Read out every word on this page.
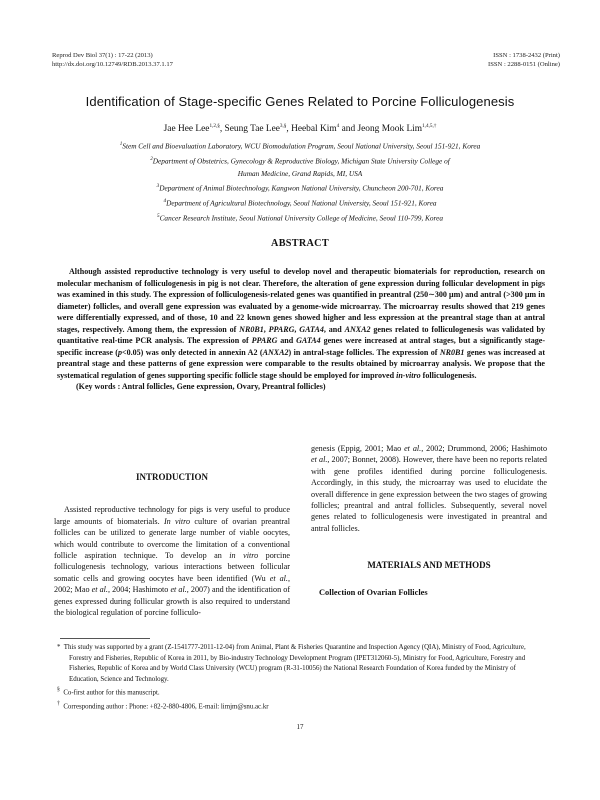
Reprod Dev Biol 37(1) : 17-22 (2013)
http://dx.doi.org/10.12749/RDB.2013.37.1.17
ISSN : 1738-2432 (Print)
ISSN : 2288-0151 (Online)
Identification of Stage-specific Genes Related to Porcine Folliculogenesis
Jae Hee Lee$^{1,2,\S}$, Seung Tae Lee$^{3,\S}$, Heebal Kim$^4$ and Jeong Mook Lim$^{1,4,5,\dagger}$
$^1$Stem Cell and Bioevaluation Laboratory, WCU Biomodulation Program, Seoul National University, Seoul 151-921, Korea
$^2$Department of Obstetrics, Gynecology & Reproductive Biology, Michigan State University College of
Human Medicine, Grand Rapids, MI, USA
$^3$Department of Animal Biotechnology, Kangwon National University, Chuncheon 200-701, Korea
$^4$Department of Agricultural Biotechnology, Seoul National University, Seoul 151-921, Korea
$^5$Cancer Research Institute, Seoul National University College of Medicine, Seoul 110-799, Korea
ABSTRACT

Although assisted reproductive technology is very useful to develop novel and therapeutic biomaterials for reproduction, research on molecular mechanism of folliculogenesis in pig is not clear. Therefore, the alteration of gene expression during follicular development in pigs was examined in this study. The expression of folliculogenesis-related genes was quantified in preantral (250∼300 μm) and antral (>300 μm in diameter) follicles, and overall gene expression was evaluated by a genome-wide microarray. The microarray results showed that 219 genes were differentially expressed, and of those, 10 and 22 known genes showed higher and less expression at the preantral stage than at antral stages, respectively. Among them, the expression of NR0B1, PPARG, GATA4, and ANXA2 genes related to folliculogenesis was validated by quantitative real-time PCR analysis. The expression of PPARG and GATA4 genes were increased at antral stages, but a significantly stage-specific increase (p<0.05) was only detected in annexin A2 (ANXA2) in antral-stage follicles. The expression of NR0B1 genes was increased at preantral stage and these patterns of gene expression were comparable to the results obtained by microarray analysis. We propose that the systematical regulation of genes supporting specific follicle stage should be employed for improved in-vitro folliculogenesis.

(Key words : Antral follicles, Gene expression, Ovary, Preantral follicles)

INTRODUCTION

Assisted reproductive technology for pigs is very useful to produce large amounts of biomaterials. In vitro culture of ovarian preantral follicles can be utilized to generate large number of viable oocytes, which would contribute to overcome the limitation of a conventional follicle aspiration technique. To develop an in vitro porcine folliculogenesis technology, various interactions between follicular somatic cells and growing oocytes have been identified (Wu et al., 2002; Mao et al., 2004; Hashimoto et al., 2007) and the identification of genes expressed during follicular growth is also required to understand the biological regulation of porcine folliculo-

genesis (Eppig, 2001; Mao et al., 2002; Drummond, 2006; Hashimoto et al., 2007; Bonnet, 2008). However, there have been no reports related with gene profiles identified during porcine folliculogenesis. Accordingly, in this study, the microarray was used to elucidate the overall difference in gene expression between the two stages of growing follicles; preantral and antral follicles. Subsequently, several novel genes related to folliculogenesis were investigated in preantral and antral follicles.

MATERIALS AND METHODS

Collection of Ovarian Follicles

* This study was supported by a grant (Z-1541777-2011-12-04) from Animal, Plant & Fisheries Quarantine and Inspection Agency (QIA), Ministry of Food, Agriculture, Forestry and Fisheries, Republic of Korea in 2011, by Bio-industry Technology Development Program (IPET312060-5), Ministry for Food, Agriculture, Forestry and Fisheries, Republic of Korea and by World Class University (WCU) program (R-31-10056) the National Research Foundation of Korea funded by the Ministry of Education, Science and Technology.

§ Co-first author for this manuscript.

† Corresponding author : Phone: +82-2-880-4806, E-mail: limjm@snu.ac.kr

17
